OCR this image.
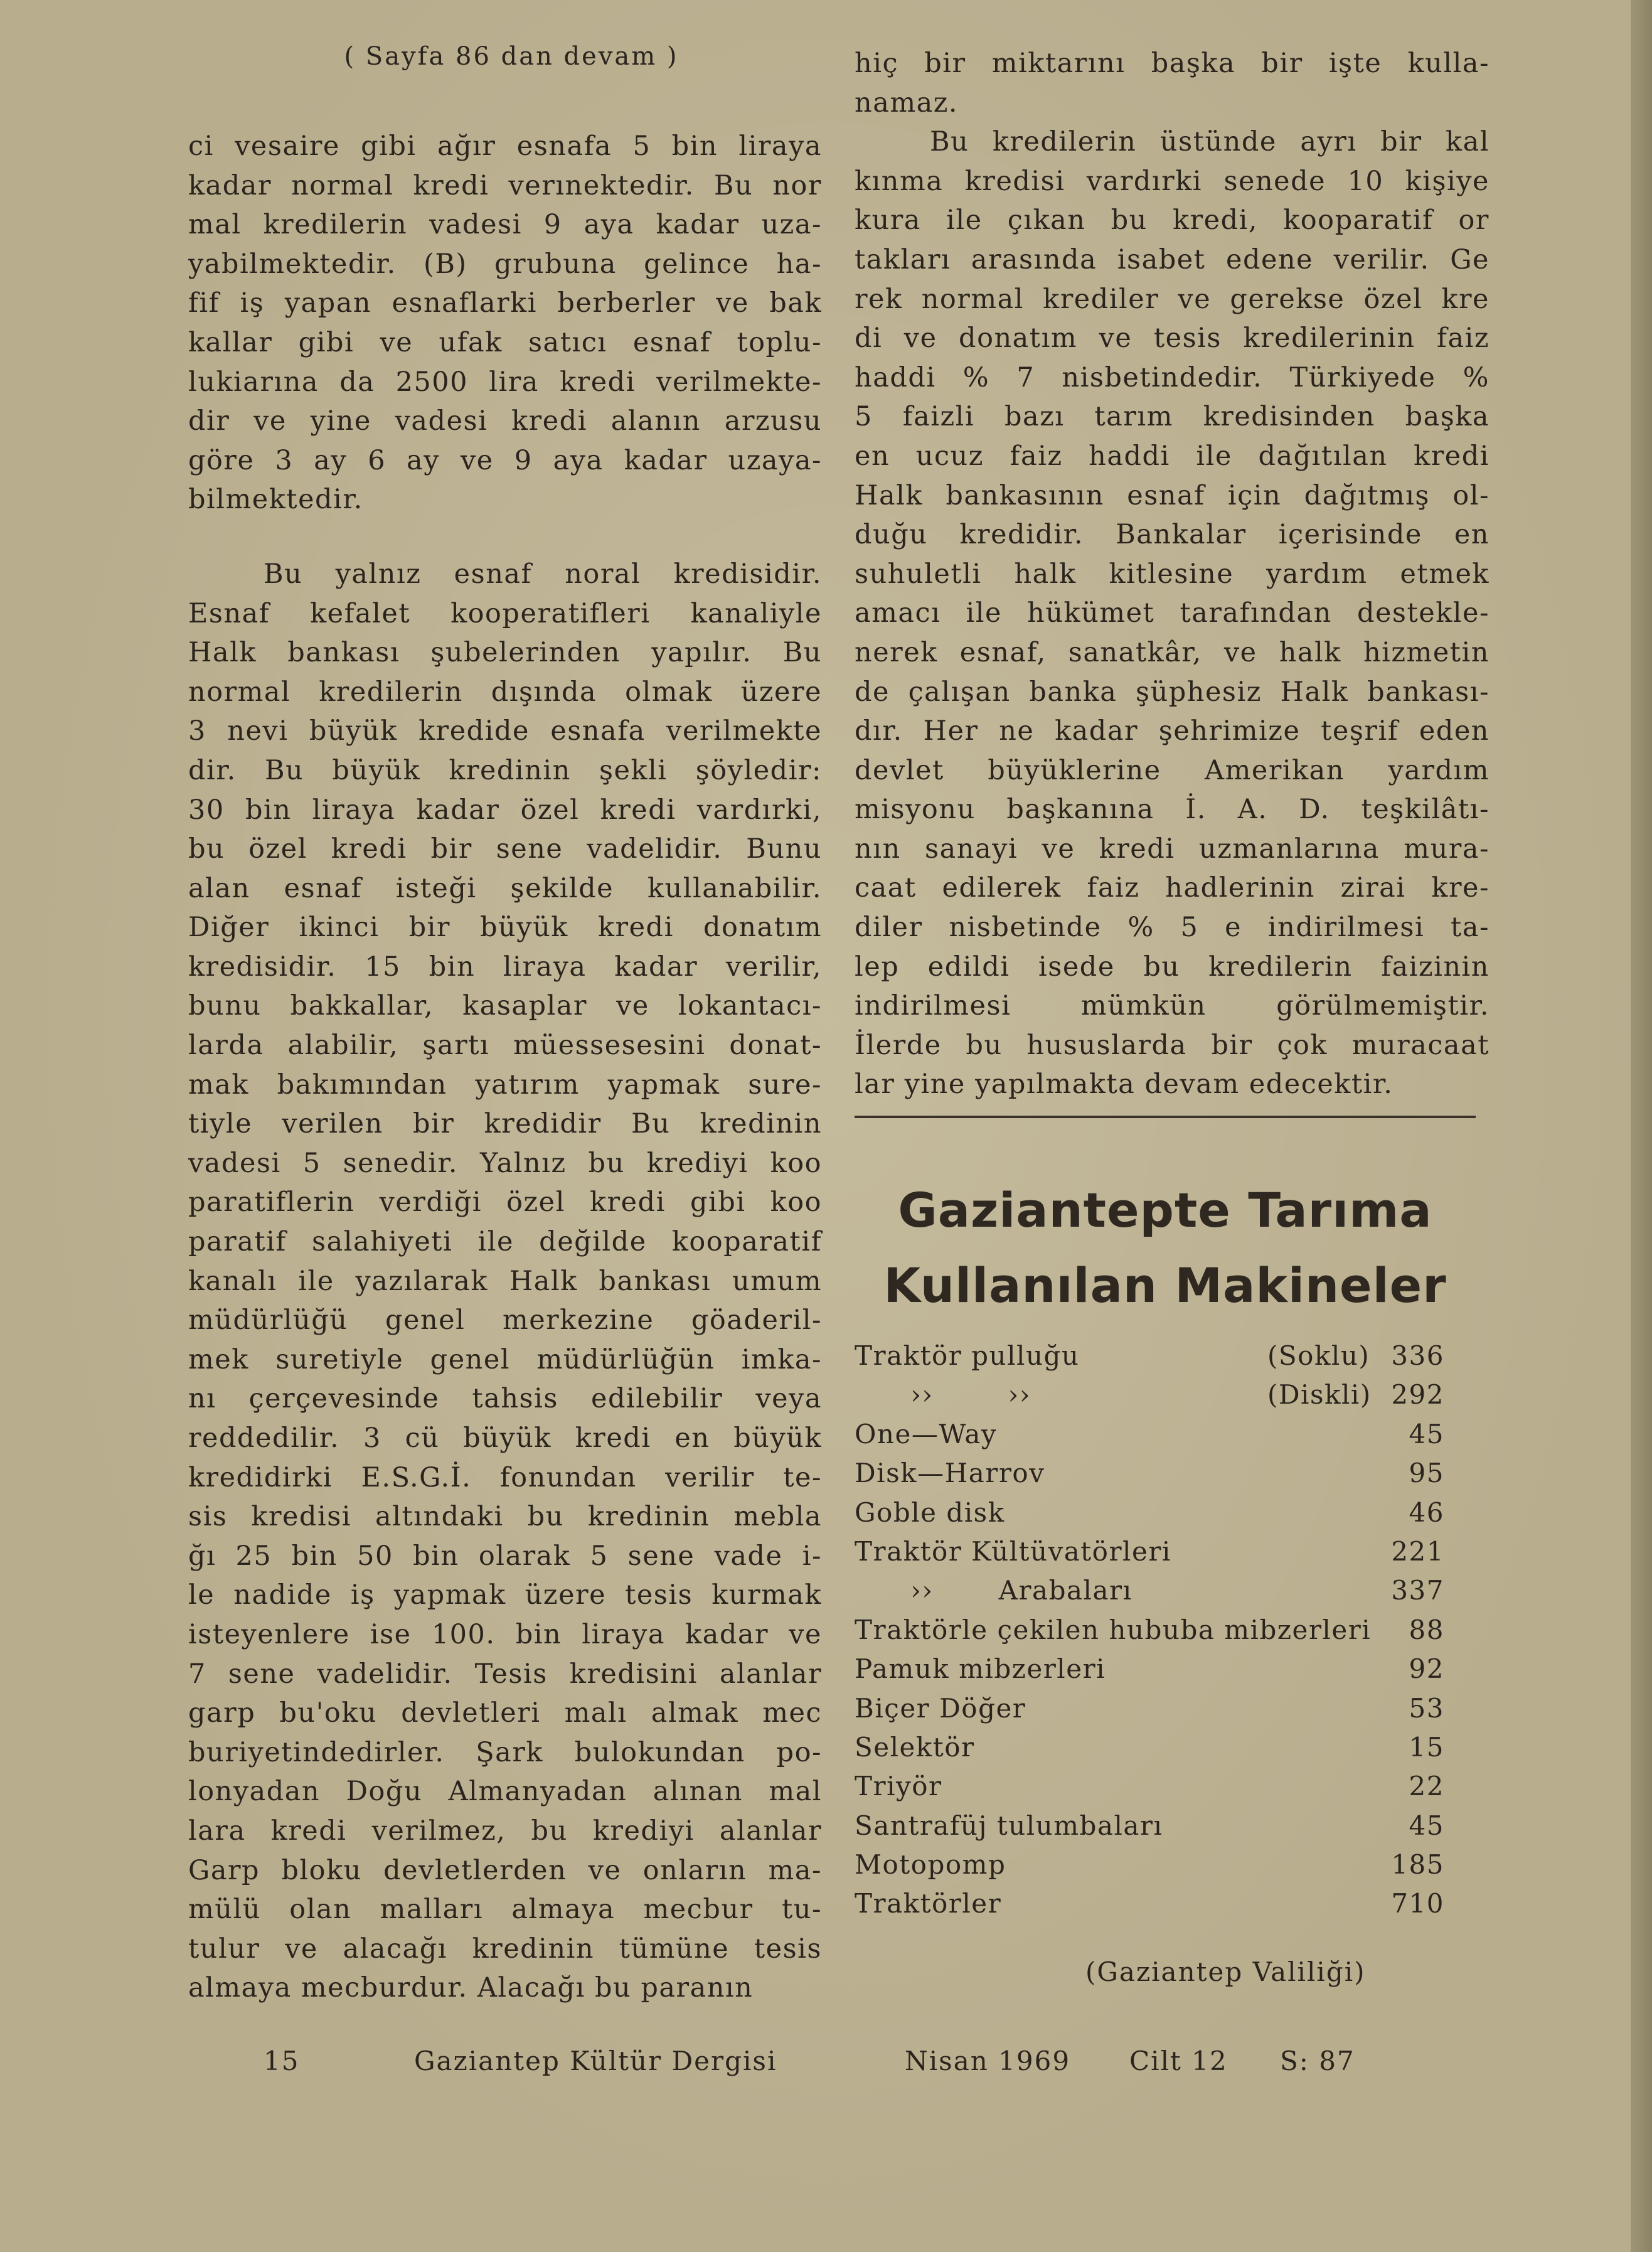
( Sayfa 86 dan devam )
ci vesaire gibi ağır esnafa 5 bin liraya
kadar normal kredi verınektedir. Bu nor
mal kredilerin vadesi 9 aya kadar uza-
yabilmektedir. (B) grubuna gelince ha-
fif iş yapan esnaflarki berberler ve bak
kallar gibi ve ufak satıcı esnaf toplu-
lukiarına da 2500 lira kredi verilmekte-
dir ve yine vadesi kredi alanın arzusu
göre 3 ay 6 ay ve 9 aya kadar uzaya-
bilmektedir.
Bu yalnız esnaf noral kredisidir.
Esnaf kefalet kooperatifleri kanaliyle
Halk bankası şubelerinden yapılır. Bu
normal kredilerin dışında olmak üzere
3 nevi büyük kredide esnafa verilmekte
dir. Bu büyük kredinin şekli şöyledir:
30 bin liraya kadar özel kredi vardırki,
bu özel kredi bir sene vadelidir. Bunu
alan esnaf isteği şekilde kullanabilir.
Diğer ikinci bir büyük kredi donatım
kredisidir. 15 bin liraya kadar verilir,
bunu bakkallar, kasaplar ve lokantacı-
larda alabilir, şartı müessesesini donat-
mak bakımından yatırım yapmak sure-
tiyle verilen bir kredidir Bu kredinin
vadesi 5 senedir. Yalnız bu krediyi koo
paratiflerin verdiği özel kredi gibi koo
paratif salahiyeti ile değilde kooparatif
kanalı ile yazılarak Halk bankası umum
müdürlüğü genel merkezine göaderil-
mek suretiyle genel müdürlüğün imka-
nı çerçevesinde tahsis edilebilir veya
reddedilir. 3 cü büyük kredi en büyük
kredidirki E.S.G.İ. fonundan verilir te-
sis kredisi altındaki bu kredinin mebla
ğı 25 bin 50 bin olarak 5 sene vade i-
le nadide iş yapmak üzere tesis kurmak
isteyenlere ise 100. bin liraya kadar ve
7 sene vadelidir. Tesis kredisini alanlar
garp bu'oku devletleri malı almak mec
buriyetindedirler. Şark bulokundan po-
lonyadan Doğu Almanyadan alınan mal
lara kredi verilmez, bu krediyi alanlar
Garp bloku devletlerden ve onların ma-
mülü olan malları almaya mecbur tu-
tulur ve alacağı kredinin tümüne tesis
almaya mecburdur. Alacağı bu paranın
hiç bir miktarını başka bir işte kulla-
namaz.
Bu kredilerin üstünde ayrı bir kal
kınma kredisi vardırki senede 10 kişiye
kura ile çıkan bu kredi, kooparatif or
takları arasında isabet edene verilir. Ge
rek normal krediler ve gerekse özel kre
di ve donatım ve tesis kredilerinin faiz
haddi % 7 nisbetindedir. Türkiyede %
5 faizli bazı tarım kredisinden başka
en ucuz faiz haddi ile dağıtılan kredi
Halk bankasının esnaf için dağıtmış ol-
duğu kredidir. Bankalar içerisinde en
suhuletli halk kitlesine yardım etmek
amacı ile hükümet tarafından destekle-
nerek esnaf, sanatkâr, ve halk hizmetin
de çalışan banka şüphesiz Halk bankası-
dır. Her ne kadar şehrimize teşrif eden
devlet büyüklerine Amerikan yardım
misyonu başkanına İ. A. D. teşkilâtı-
nın sanayi ve kredi uzmanlarına mura-
caat edilerek faiz hadlerinin zirai kre-
diler nisbetinde % 5 e indirilmesi ta-
lep edildi isede bu kredilerin faizinin
indirilmesi mümkün görülmemiştir.
İlerde bu hususlarda bir çok muracaat
lar yine yapılmakta devam edecektir.
Gaziantepte Tarıma
Kullanılan Makineler
Traktör pulluğu	(Soklu) 336
››        ››	(Diskli) 292
One—Way	45
Disk—Harrov	95
Goble disk	46
Traktör Kültüvatörleri	221
››       Arabaları	337
Traktörle çekilen hububa mibzerleri 88
Pamuk mibzerleri	92
Biçer Döğer	53
Selektör	15
Triyör	22
Santrafüj tulumbaları	45
Motopomp	185
Traktörler	710
(Gaziantep Valiliği)
15	Gaziantep Kültür Dergisi	Nisan 1969 Cilt 12 S: 87
